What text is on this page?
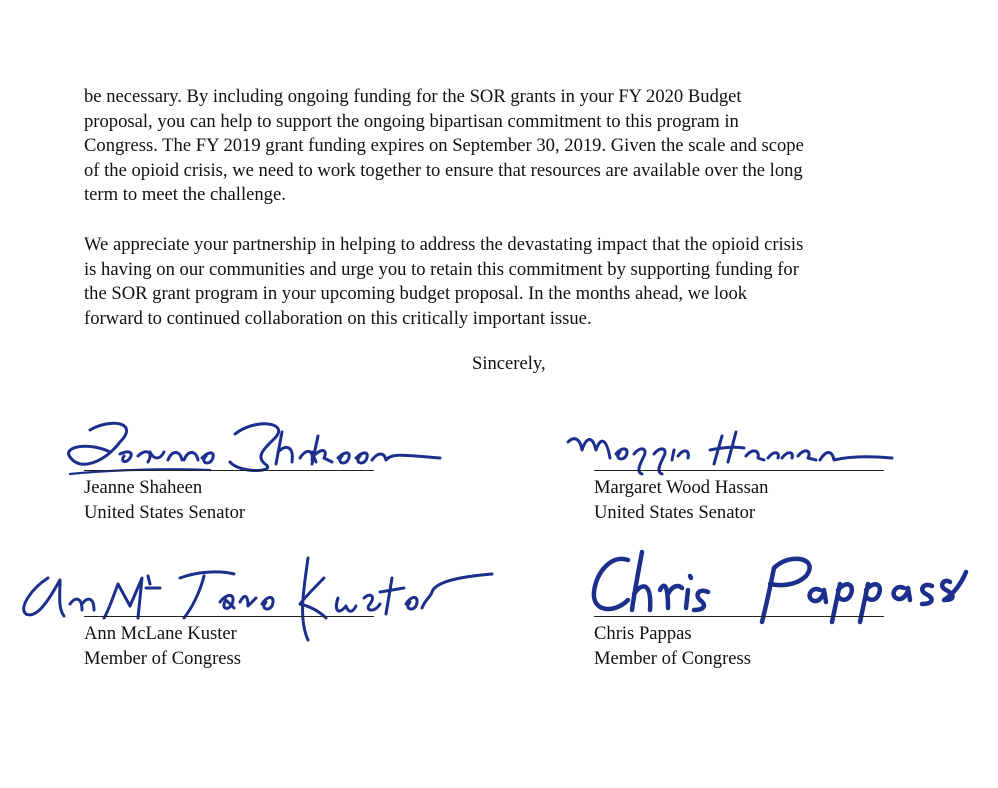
be necessary. By including ongoing funding for the SOR grants in your FY 2020 Budget
proposal, you can help to support the ongoing bipartisan commitment to this program in
Congress. The FY 2019 grant funding expires on September 30, 2019. Given the scale and scope
of the opioid crisis, we need to work together to ensure that resources are available over the long
term to meet the challenge.
We appreciate your partnership in helping to address the devastating impact that the opioid crisis
is having on our communities and urge you to retain this commitment by supporting funding for
the SOR grant program in your upcoming budget proposal. In the months ahead, we look
forward to continued collaboration on this critically important issue.
Sincerely,
Jeanne Shaheen
United States Senator
Margaret Wood Hassan
United States Senator
Ann McLane Kuster
Member of Congress
Chris Pappas
Member of Congress
